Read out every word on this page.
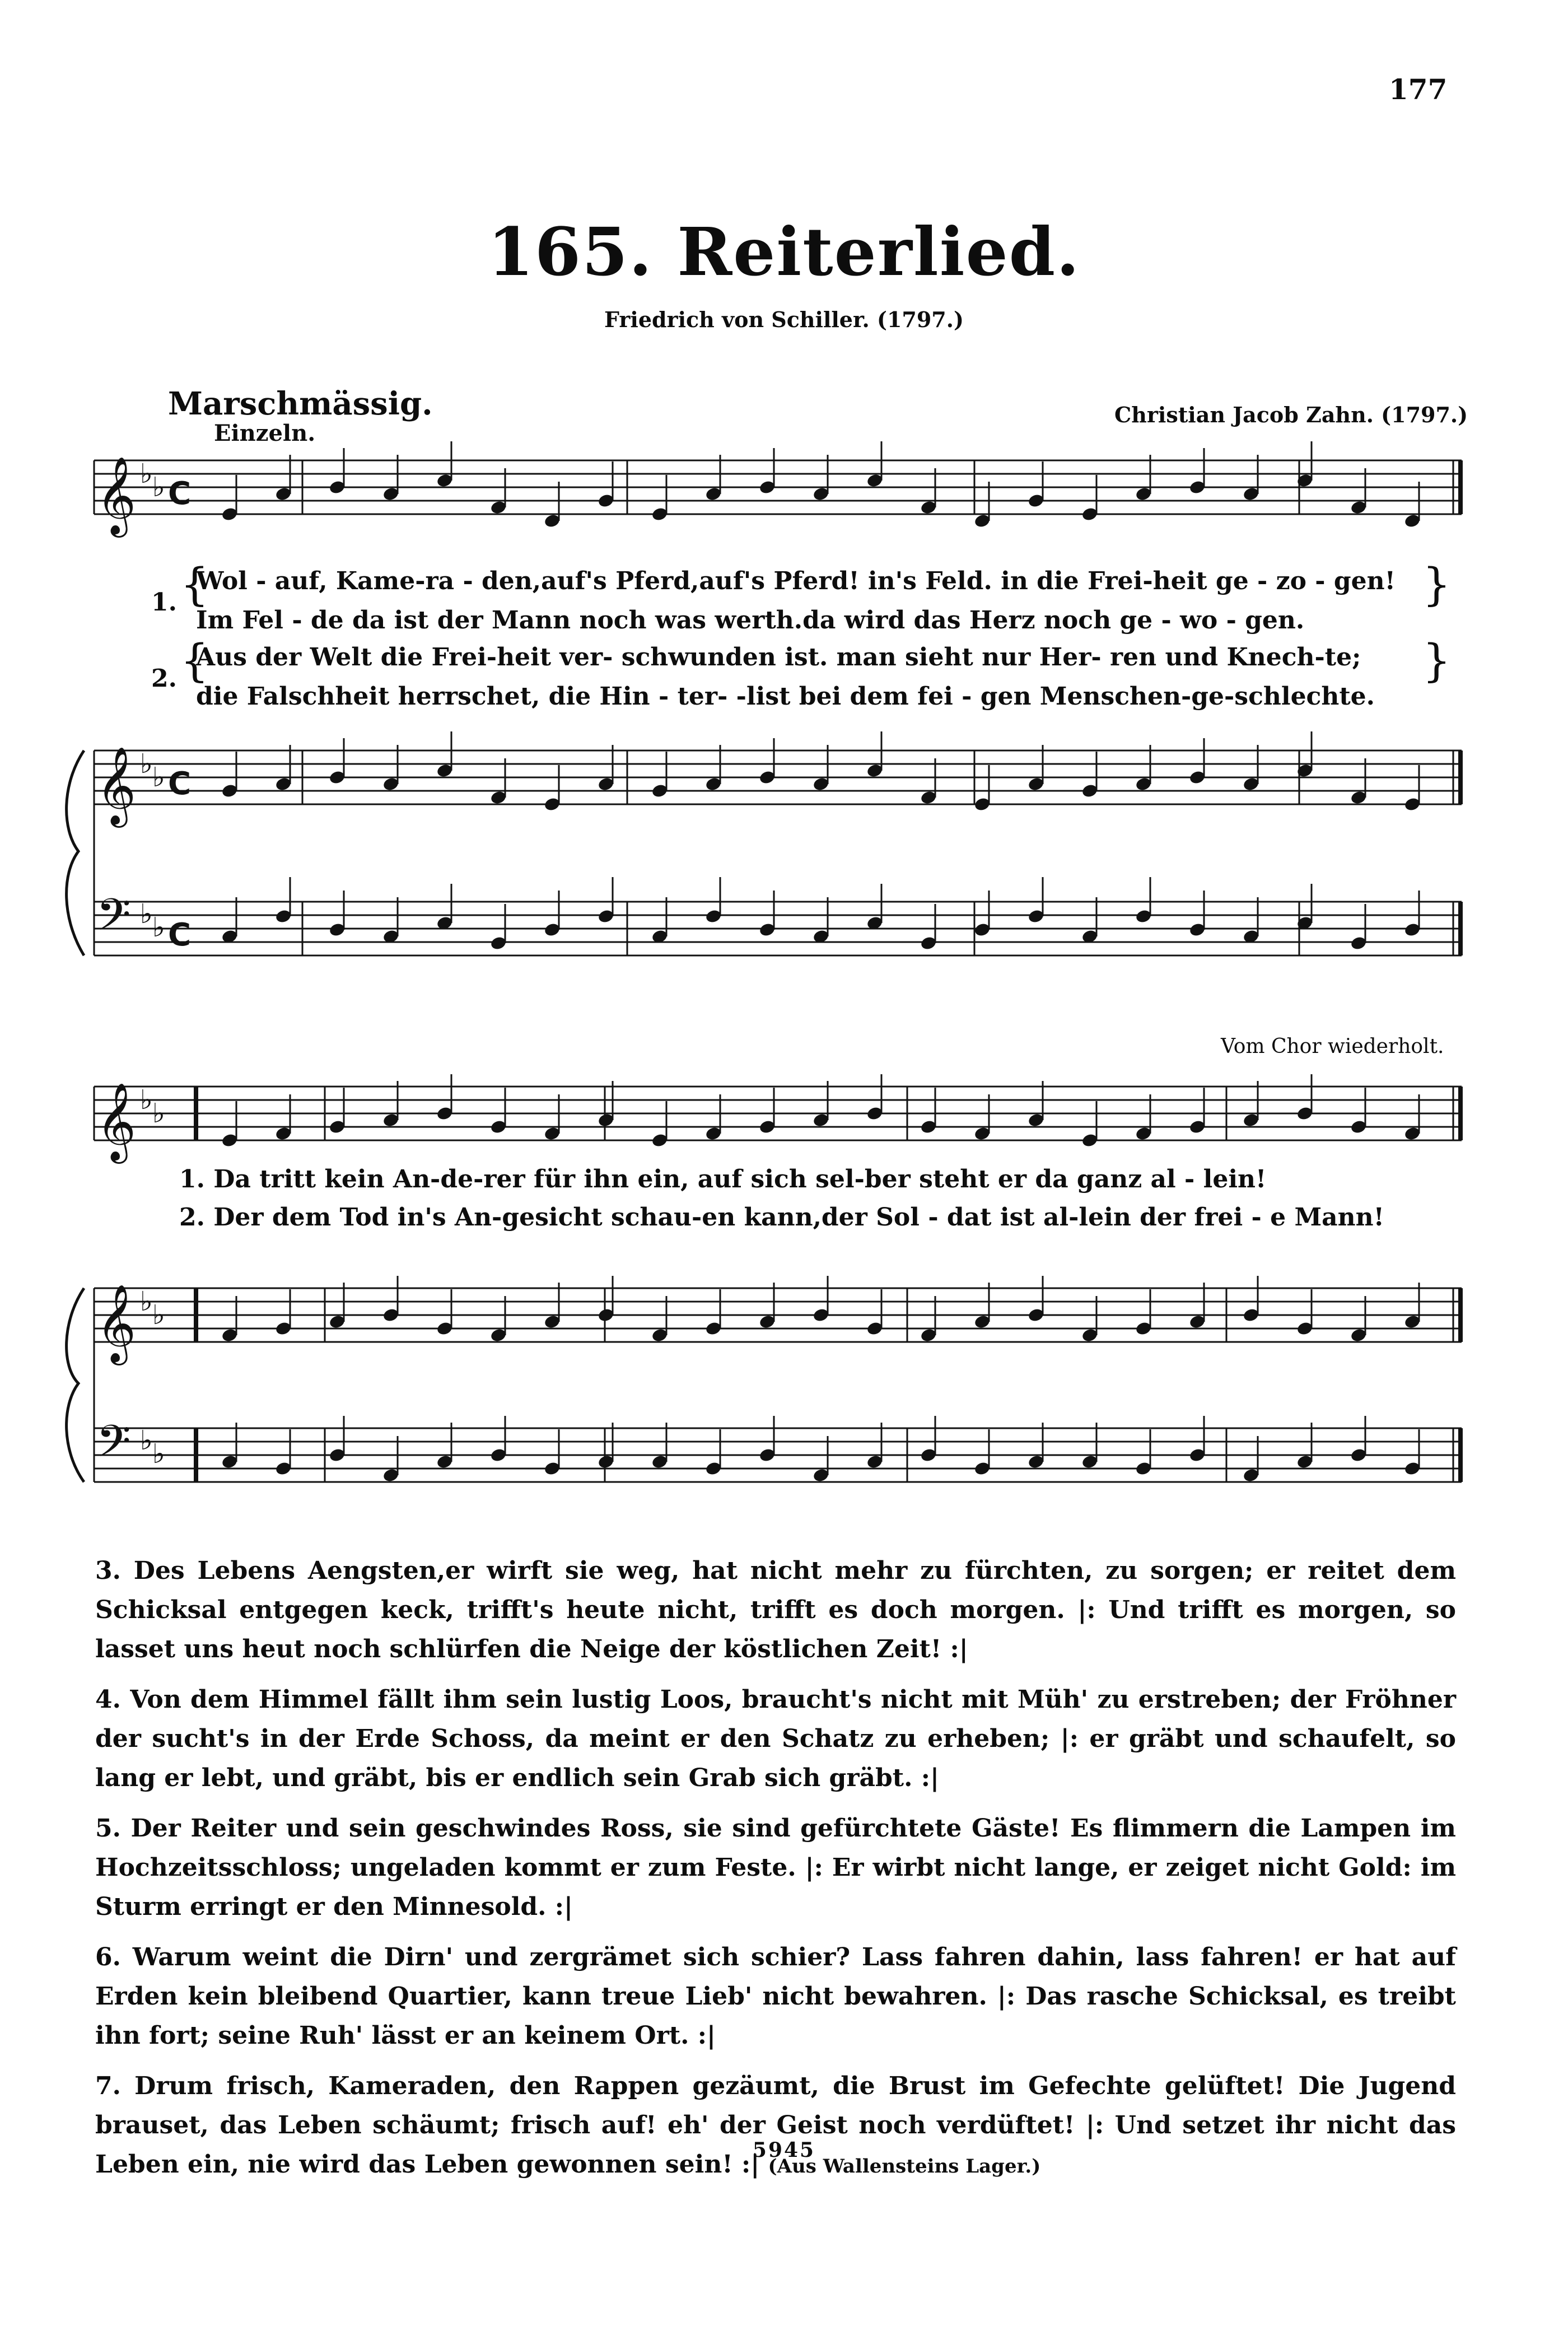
177
165. Reiterlied.
Friedrich von Schiller. (1797.)
Marschmässig.
Einzeln.
Christian Jacob Zahn. (1797.)
𝄞
𝄞
𝄢
𝄞
𝄞
𝄢
♭ ♭
♭ ♭
♭ ♭
♭ ♭
♭ ♭
♭ ♭
C
C
C
1. {
Wol - auf, Kame-ra - den,auf's Pferd,auf's Pferd! in's Feld. in die Frei-heit ge - zo - gen!
Im Fel - de da ist der Mann noch was werth.da wird das Herz noch ge - wo - gen.
}
2. {
Aus der Welt die Frei-heit ver- schwunden ist. man sieht nur Her- ren und Knech-te;
die Falschheit herrschet, die Hin - ter- -list bei dem fei - gen Menschen-ge-schlechte.
}
Vom Chor wiederholt.
1. Da tritt kein An-de-rer für ihn ein, auf sich sel-ber steht er da ganz al - lein!
2. Der dem Tod in's An-gesicht schau-en kann,der Sol - dat ist al-lein der frei - e Mann!
3. Des Lebens Aengsten,er wirft sie weg, hat nicht mehr zu fürchten, zu sorgen; er reitet dem Schicksal entgegen keck, trifft's heute nicht, trifft es doch morgen. |: Und trifft es morgen, so lasset uns heut noch schlürfen die Neige der köstlichen Zeit! :|
4. Von dem Himmel fällt ihm sein lustig Loos, braucht's nicht mit Müh' zu erstreben; der Fröhner der sucht's in der Erde Schoss, da meint er den Schatz zu erheben; |: er gräbt und schaufelt, so lang er lebt, und gräbt, bis er endlich sein Grab sich gräbt. :|
5. Der Reiter und sein geschwindes Ross, sie sind gefürchtete Gäste! Es flimmern die Lampen im Hochzeitsschloss; ungeladen kommt er zum Feste. |: Er wirbt nicht lange, er zeiget nicht Gold: im Sturm erringt er den Minnesold. :|
6. Warum weint die Dirn' und zergrämet sich schier? Lass fahren dahin, lass fahren! er hat auf Erden kein bleibend Quartier, kann treue Lieb' nicht bewahren. |: Das rasche Schicksal, es treibt ihn fort; seine Ruh' lässt er an keinem Ort. :|
7. Drum frisch, Kameraden, den Rappen gezäumt, die Brust im Gefechte gelüftet! Die Jugend brauset, das Leben schäumt; frisch auf! eh' der Geist noch verdüftet! |: Und setzet ihr nicht das Leben ein, nie wird das Leben gewonnen sein! :| (Aus Wallensteins Lager.)
5945
